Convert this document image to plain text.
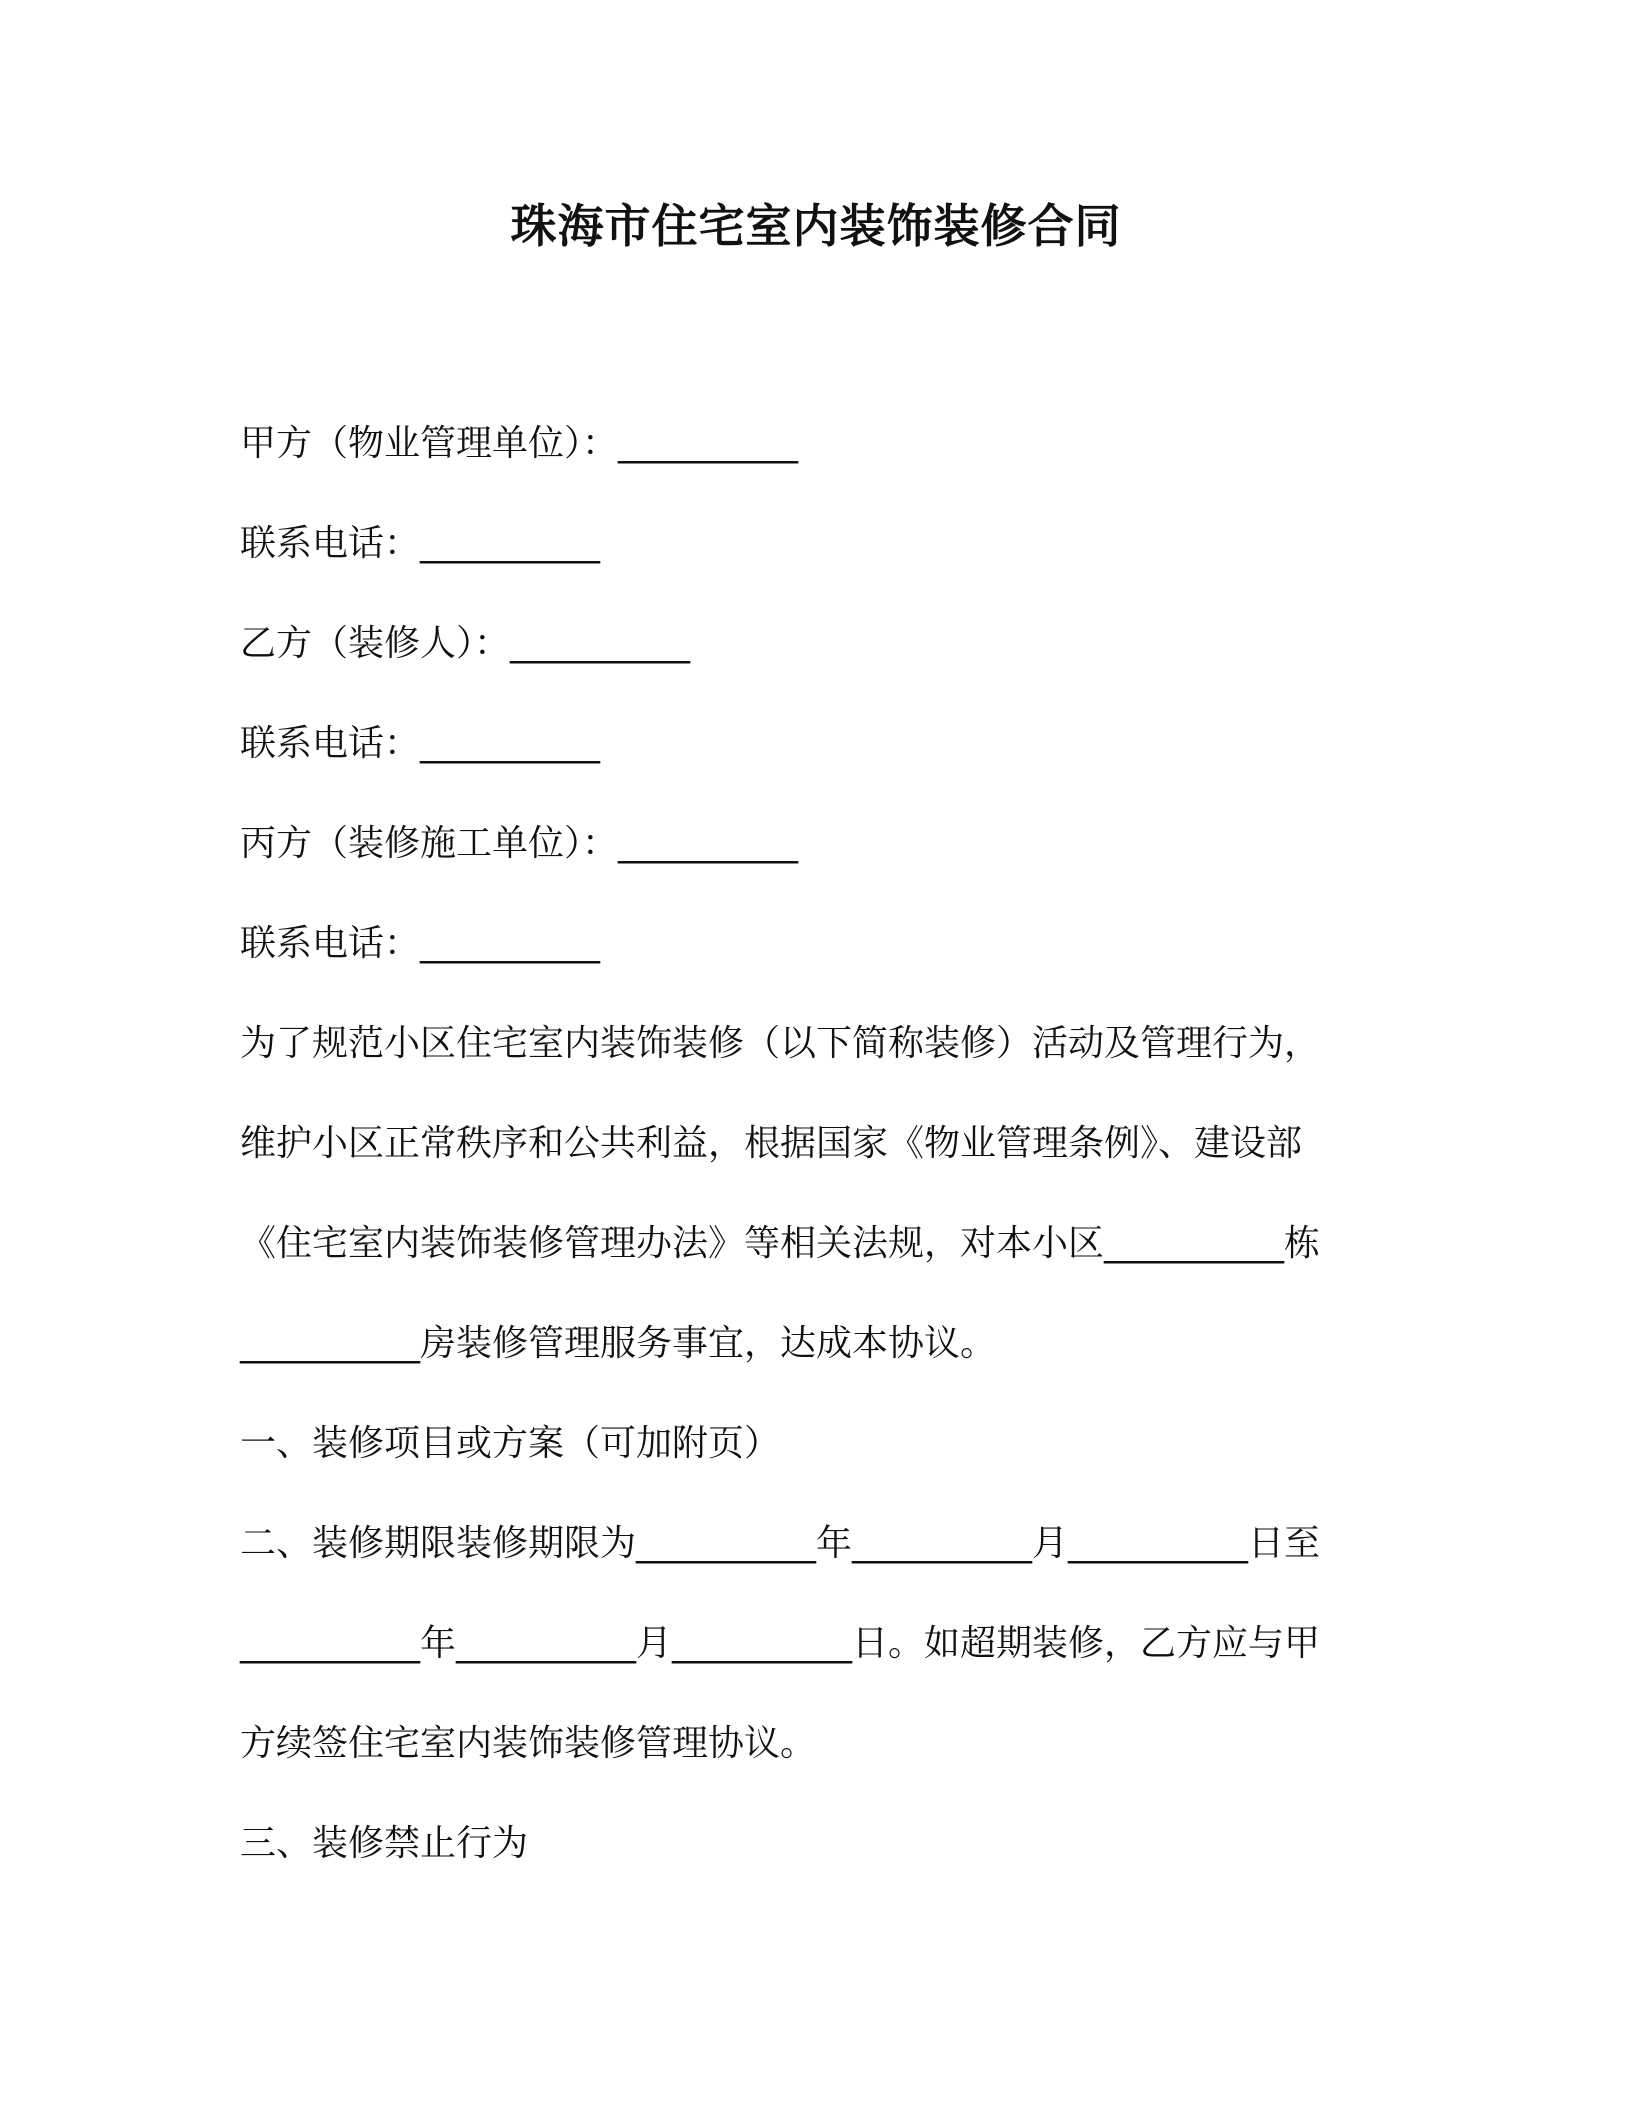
珠海市住宅室内装饰装修合同

甲方（物业管理单位）：__________

联系电话：__________

乙方（装修人）：__________

联系电话：__________

丙方（装修施工单位）：__________

联系电话：__________

为了规范小区住宅室内装饰装修（以下简称装修）活动及管理行为，

维护小区正常秩序和公共利益，根据国家《物业管理条例》、建设部

《住宅室内装饰装修管理办法》等相关法规，对本小区__________栋

__________房装修管理服务事宜，达成本协议。

一、装修项目或方案（可加附页）

二、装修期限装修期限为__________年__________月__________日至

__________年__________月__________日。如超期装修，乙方应与甲

方续签住宅室内装饰装修管理协议。

三、装修禁止行为
